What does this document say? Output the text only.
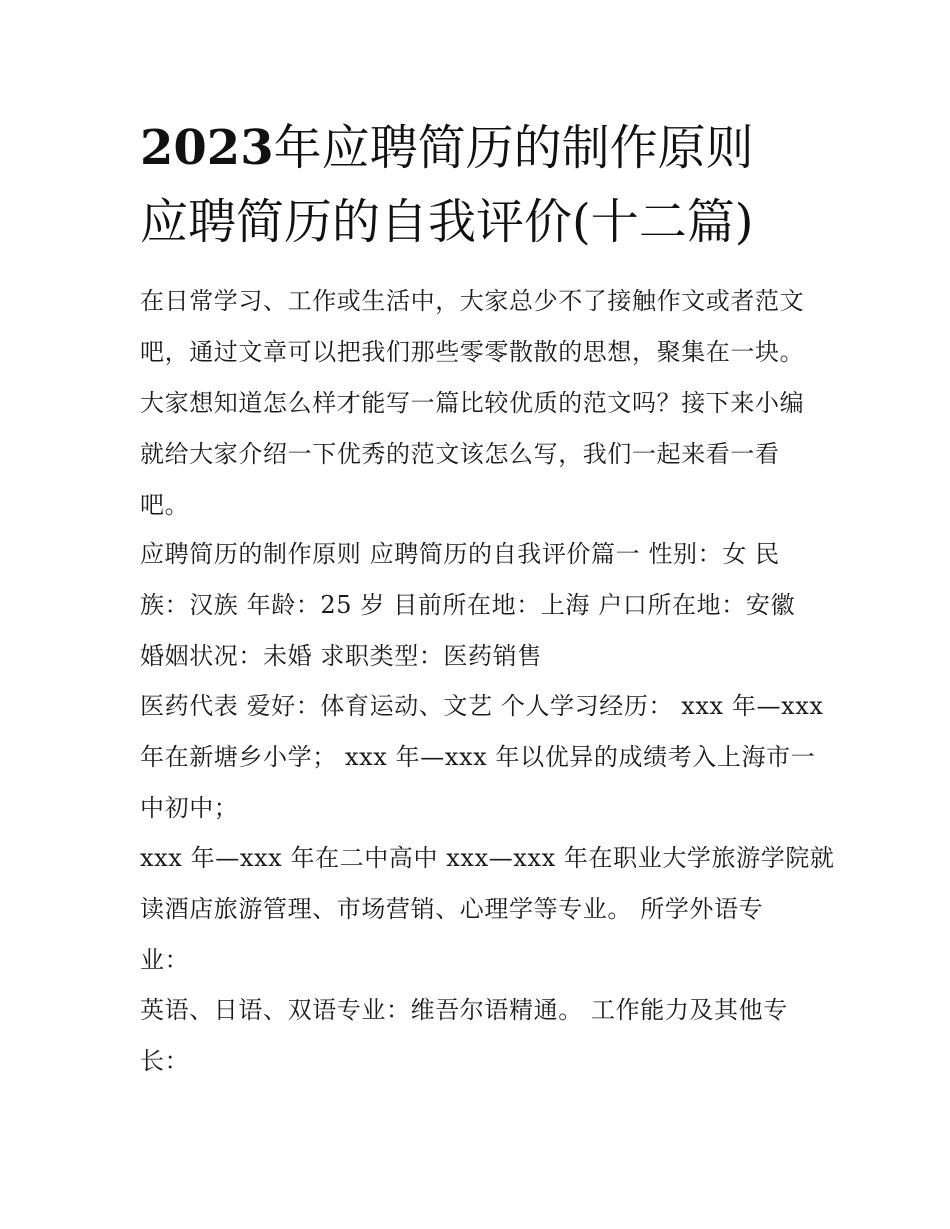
2023年应聘简历的制作原则
应聘简历的自我评价(十二篇)

在日常学习、工作或生活中，大家总少不了接触作文或者范文
吧，通过文章可以把我们那些零零散散的思想，聚集在一块。
大家想知道怎么样才能写一篇比较优质的范文吗？接下来小编
就给大家介绍一下优秀的范文该怎么写，我们一起来看一看
吧。

应聘简历的制作原则 应聘简历的自我评价篇一 性别：女 民
族：汉族 年龄：25 岁 目前所在地：上海 户口所在地：安徽
婚姻状况：未婚 求职类型：医药销售

医药代表 爱好：体育运动、文艺 个人学习经历： xxx 年—xxx
年在新塘乡小学； xxx 年—xxx 年以优异的成绩考入上海市一
中初中；

xxx 年—xxx 年在二中高中 xxx—xxx 年在职业大学旅游学院就
读酒店旅游管理、市场营销、心理学等专业。 所学外语专
业：

英语、日语、双语专业：维吾尔语精通。 工作能力及其他专
长：
